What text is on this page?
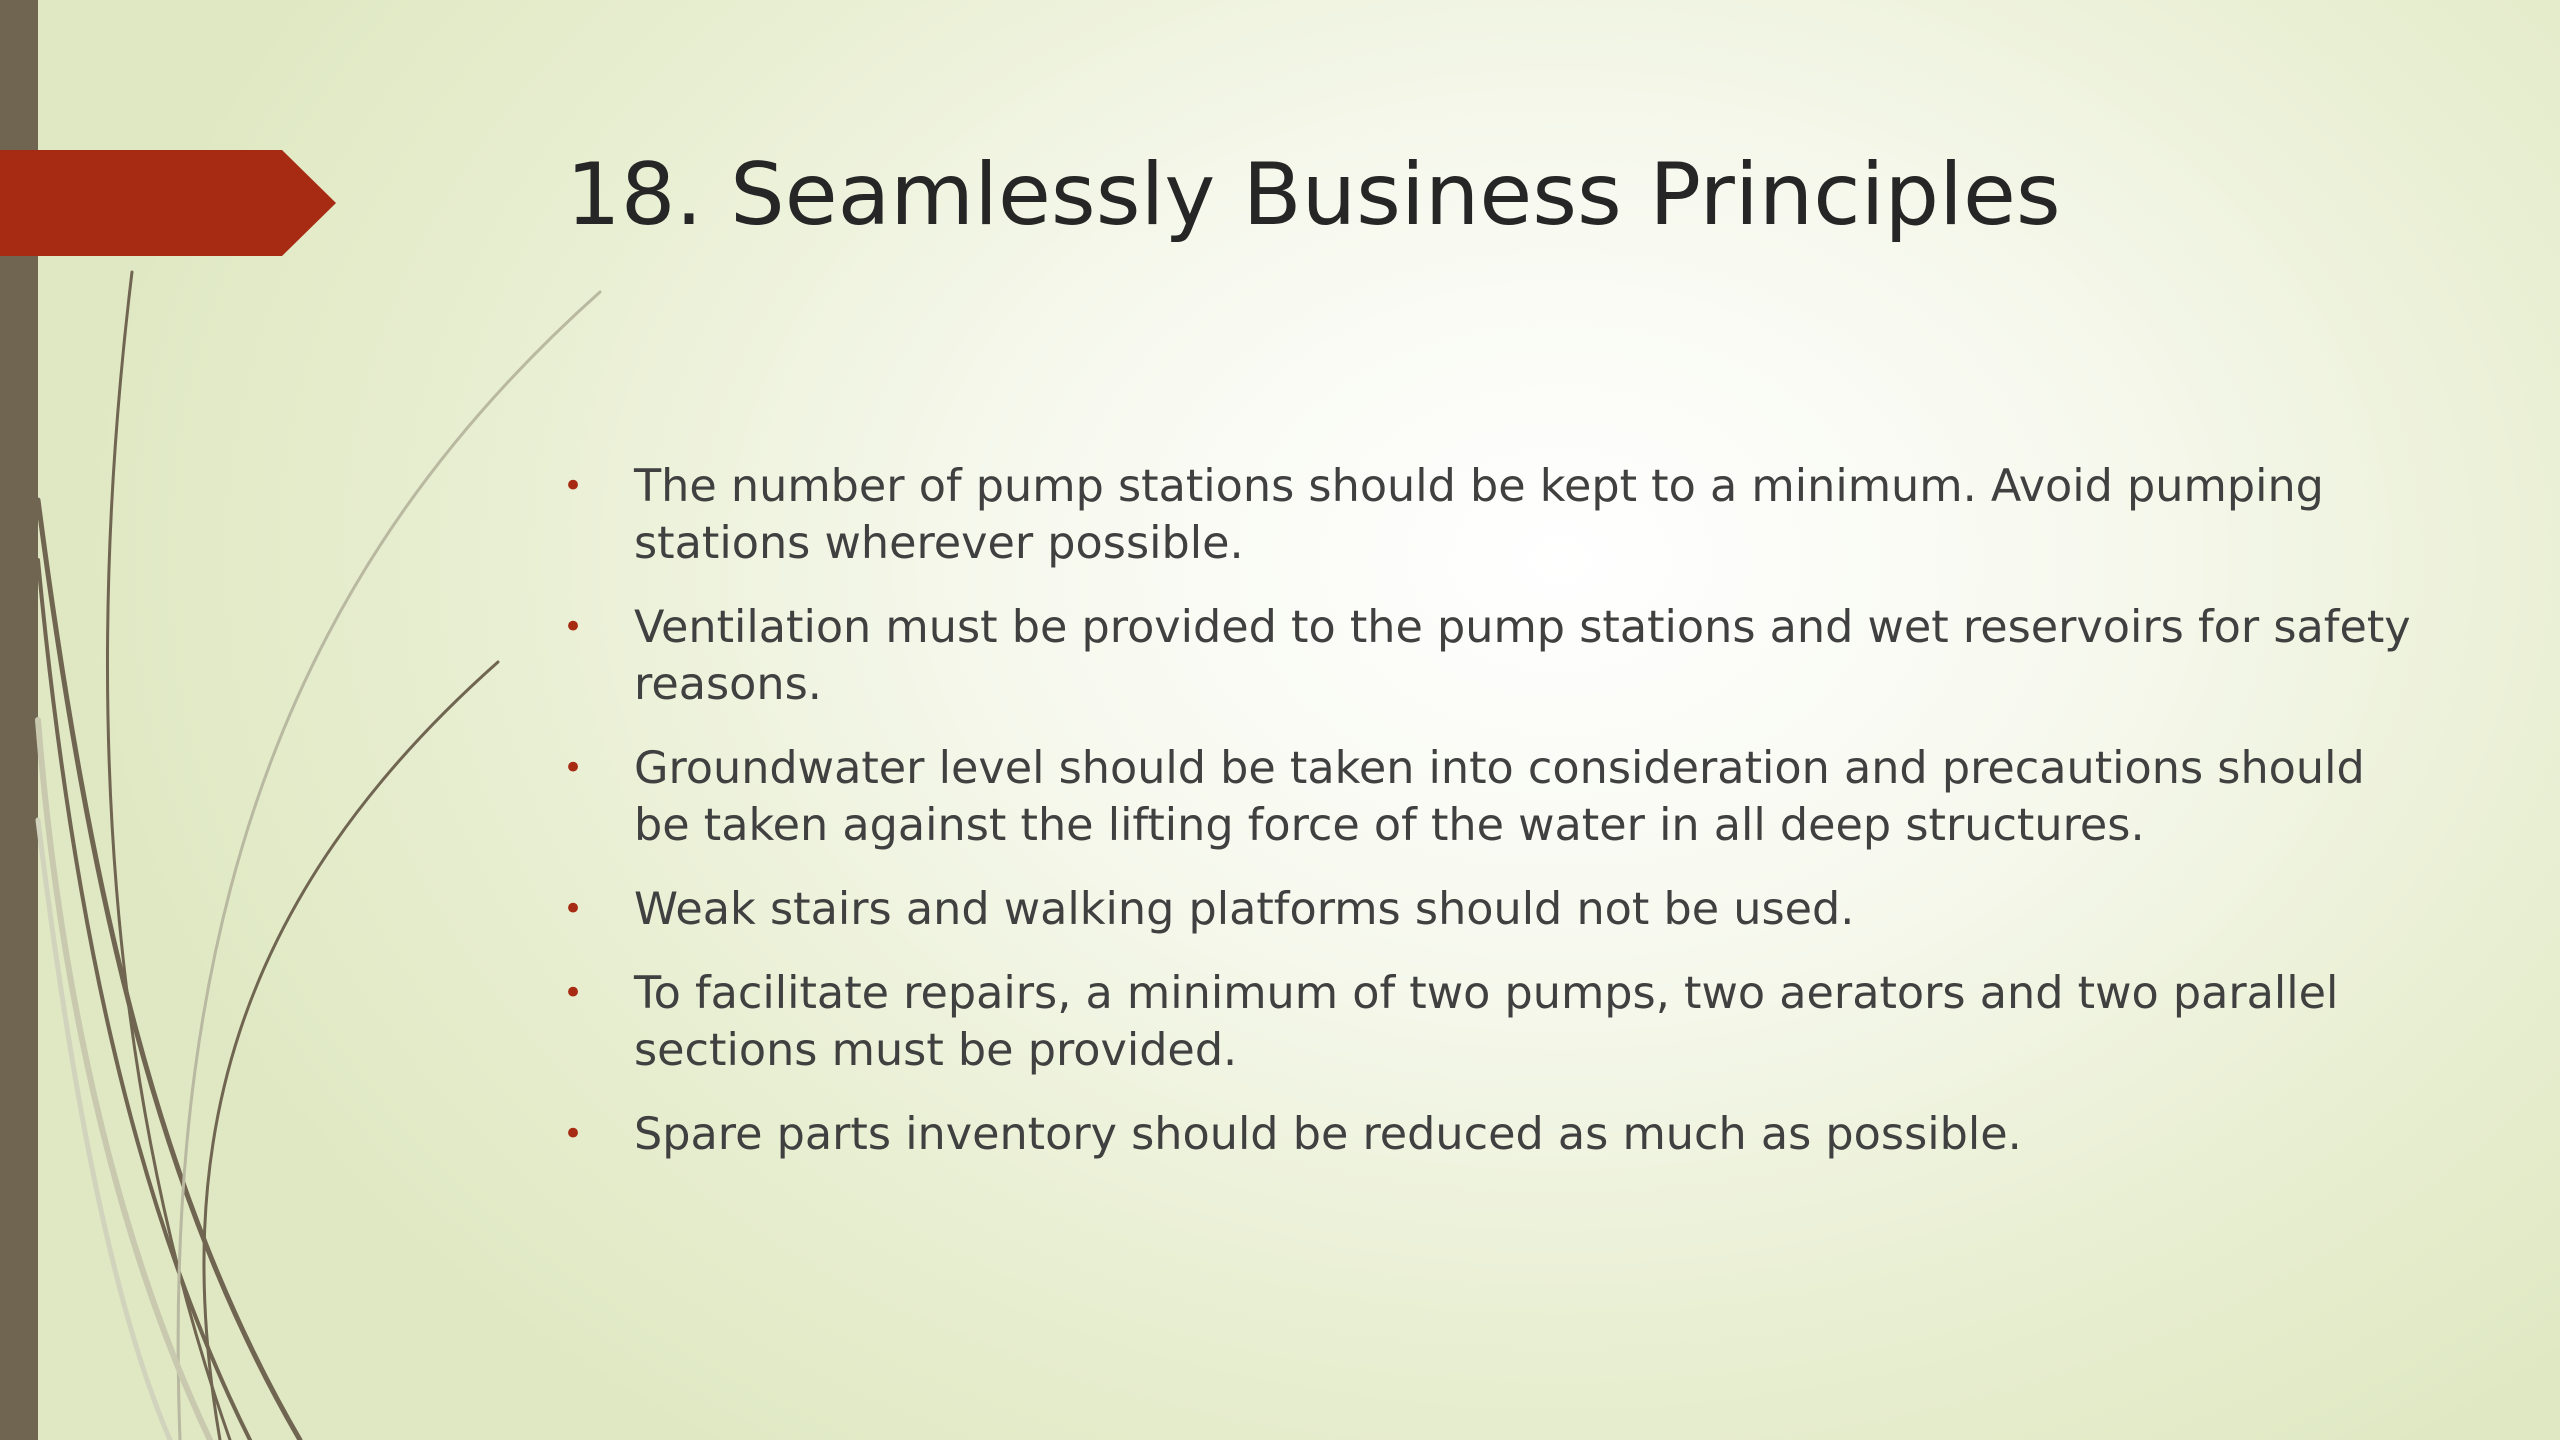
18. Seamlessly Business Principles
• The number of pump stations should be kept to a minimum. Avoid pumping stations wherever possible.
• Ventilation must be provided to the pump stations and wet reservoirs for safety reasons.
• Groundwater level should be taken into consideration and precautions should be taken against the lifting force of the water in all deep structures.
• Weak stairs and walking platforms should not be used.
• To facilitate repairs, a minimum of two pumps, two aerators and two parallel sections must be provided.
• Spare parts inventory should be reduced as much as possible.
